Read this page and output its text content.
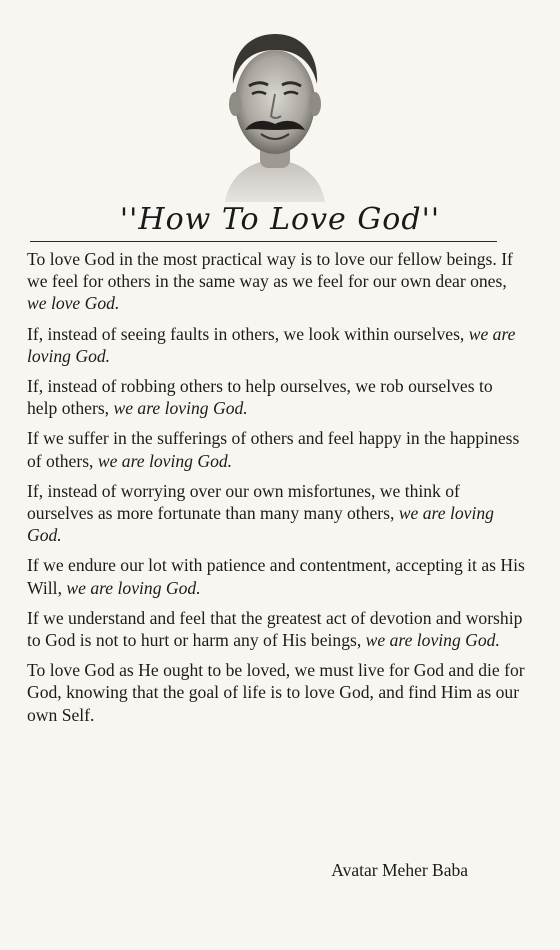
''How To Love God''

To love God in the most practical way is to love our fellow beings. If we feel for others in the same way as we feel for our own dear ones, we love God.

If, instead of seeing faults in others, we look within ourselves, we are loving God.

If, instead of robbing others to help ourselves, we rob ourselves to help others, we are loving God.

If we suffer in the sufferings of others and feel happy in the happiness of others, we are loving God.

If, instead of worrying over our own misfortunes, we think of ourselves as more fortunate than many many others, we are loving God.

If we endure our lot with patience and contentment, accepting it as His Will, we are loving God.

If we understand and feel that the greatest act of devotion and worship to God is not to hurt or harm any of His beings, we are loving God.

To love God as He ought to be loved, we must live for God and die for God, knowing that the goal of life is to love God, and find Him as our own Self.

Avatar Meher Baba
